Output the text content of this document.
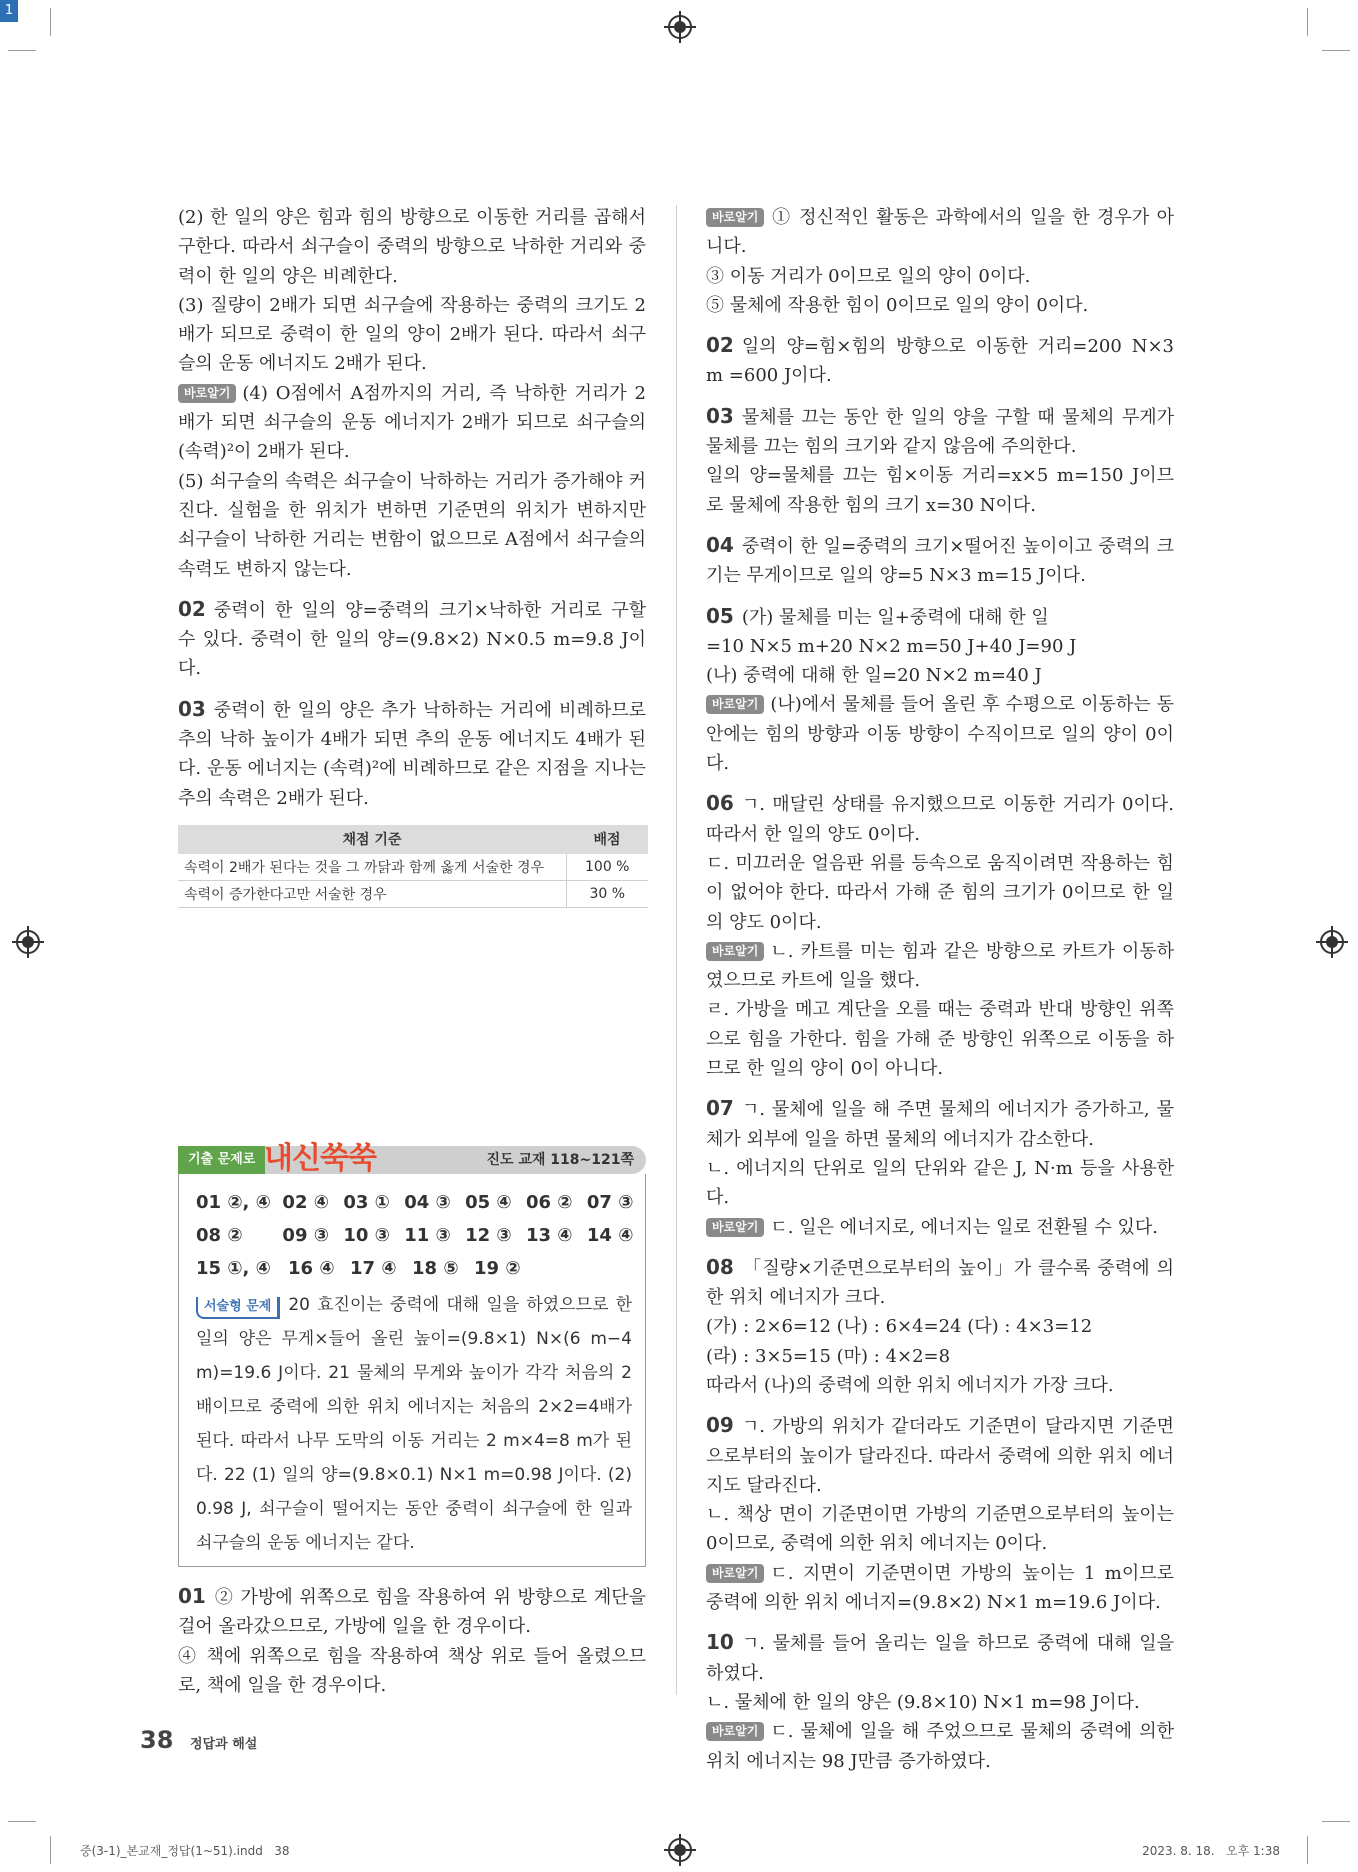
1

(2) 한 일의 양은 힘과 힘의 방향으로 이동한 거리를 곱해서 구한다. 따라서 쇠구슬이 중력의 방향으로 낙하한 거리와 중력이 한 일의 양은 비례한다.

(3) 질량이 2배가 되면 쇠구슬에 작용하는 중력의 크기도 2배가 되므로 중력이 한 일의 양이 2배가 된다. 따라서 쇠구슬의 운동 에너지도 2배가 된다.

바로알기 (4) O점에서 A점까지의 거리, 즉 낙하한 거리가 2배가 되면 쇠구슬의 운동 에너지가 2배가 되므로 쇠구슬의 (속력)²이 2배가 된다.

(5) 쇠구슬의 속력은 쇠구슬이 낙하하는 거리가 증가해야 커진다. 실험을 한 위치가 변하면 기준면의 위치가 변하지만 쇠구슬이 낙하한 거리는 변함이 없으므로 A점에서 쇠구슬의 속력도 변하지 않는다.

02 중력이 한 일의 양=중력의 크기×낙하한 거리로 구할 수 있다. 중력이 한 일의 양=(9.8×2) N×0.5 m=9.8 J이다.

03 중력이 한 일의 양은 추가 낙하하는 거리에 비례하므로 추의 낙하 높이가 4배가 되면 추의 운동 에너지도 4배가 된다. 운동 에너지는 (속력)²에 비례하므로 같은 지점을 지나는 추의 속력은 2배가 된다.

채점 기준	배점
속력이 2배가 된다는 것을 그 까닭과 함께 옳게 서술한 경우	100 %
속력이 증가한다고만 서술한 경우	30 %
기출 문제로 내신쑥쑥	진도 교재 118~121쪽
01 ②, ④ 02 ④ 03 ① 04 ③ 05 ④ 06 ② 07 ③
08 ②	09 ③ 10 ③ 11 ③ 12 ③ 13 ④ 14 ④
15 ①, ④ 16 ④ 17 ④ 18 ⑤ 19 ②

서술형 문제 20 효진이는 중력에 대해 일을 하였으므로 한 일의 양은 무게×들어 올린 높이=(9.8×1) N×(6 m−4 m)=19.6 J이다. 21 물체의 무게와 높이가 각각 처음의 2배이므로 중력에 의한 위치 에너지는 처음의 2×2=4배가 된다. 따라서 나무 도막의 이동 거리는 2 m×4=8 m가 된다. 22 (1) 일의 양=(9.8×0.1) N×1 m=0.98 J이다. (2) 0.98 J, 쇠구슬이 떨어지는 동안 중력이 쇠구슬에 한 일과 쇠구슬의 운동 에너지는 같다.

01 ② 가방에 위쪽으로 힘을 작용하여 위 방향으로 계단을 걸어 올라갔으므로, 가방에 일을 한 경우이다.

④ 책에 위쪽으로 힘을 작용하여 책상 위로 들어 올렸으므로, 책에 일을 한 경우이다.

바로알기 ① 정신적인 활동은 과학에서의 일을 한 경우가 아니다.

③ 이동 거리가 0이므로 일의 양이 0이다.

⑤ 물체에 작용한 힘이 0이므로 일의 양이 0이다.

02 일의 양=힘×힘의 방향으로 이동한 거리=200 N×3 m =600 J이다.

03 물체를 끄는 동안 한 일의 양을 구할 때 물체의 무게가 물체를 끄는 힘의 크기와 같지 않음에 주의한다.

일의 양=물체를 끄는 힘×이동 거리=x×5 m=150 J이므로 물체에 작용한 힘의 크기 x=30 N이다.

04 중력이 한 일=중력의 크기×떨어진 높이이고 중력의 크기는 무게이므로 일의 양=5 N×3 m=15 J이다.

05 (가) 물체를 미는 일+중력에 대해 한 일

=10 N×5 m+20 N×2 m=50 J+40 J=90 J

(나) 중력에 대해 한 일=20 N×2 m=40 J

바로알기 (나)에서 물체를 들어 올린 후 수평으로 이동하는 동안에는 힘의 방향과 이동 방향이 수직이므로 일의 양이 0이다.

06 ㄱ. 매달린 상태를 유지했으므로 이동한 거리가 0이다. 따라서 한 일의 양도 0이다.

ㄷ. 미끄러운 얼음판 위를 등속으로 움직이려면 작용하는 힘이 없어야 한다. 따라서 가해 준 힘의 크기가 0이므로 한 일의 양도 0이다.

바로알기 ㄴ. 카트를 미는 힘과 같은 방향으로 카트가 이동하였으므로 카트에 일을 했다.

ㄹ. 가방을 메고 계단을 오를 때는 중력과 반대 방향인 위쪽으로 힘을 가한다. 힘을 가해 준 방향인 위쪽으로 이동을 하므로 한 일의 양이 0이 아니다.

07 ㄱ. 물체에 일을 해 주면 물체의 에너지가 증가하고, 물체가 외부에 일을 하면 물체의 에너지가 감소한다.

ㄴ. 에너지의 단위로 일의 단위와 같은 J, N·m 등을 사용한다.

바로알기 ㄷ. 일은 에너지로, 에너지는 일로 전환될 수 있다.

08 「질량×기준면으로부터의 높이」가 클수록 중력에 의한 위치 에너지가 크다.

(가) : 2×6=12 (나) : 6×4=24 (다) : 4×3=12

(라) : 3×5=15 (마) : 4×2=8

따라서 (나)의 중력에 의한 위치 에너지가 가장 크다.

09 ㄱ. 가방의 위치가 같더라도 기준면이 달라지면 기준면으로부터의 높이가 달라진다. 따라서 중력에 의한 위치 에너지도 달라진다.

ㄴ. 책상 면이 기준면이면 가방의 기준면으로부터의 높이는 0이므로, 중력에 의한 위치 에너지는 0이다.

바로알기 ㄷ. 지면이 기준면이면 가방의 높이는 1 m이므로 중력에 의한 위치 에너지=(9.8×2) N×1 m=19.6 J이다.

10 ㄱ. 물체를 들어 올리는 일을 하므로 중력에 대해 일을 하였다.

ㄴ. 물체에 한 일의 양은 (9.8×10) N×1 m=98 J이다.

바로알기 ㄷ. 물체에 일을 해 주었으므로 물체의 중력에 의한 위치 에너지는 98 J만큼 증가하였다.

38 정답과 해설
중(3-1)_본교재_정답(1~51).indd   38	2023. 8. 18.   오후 1:38
